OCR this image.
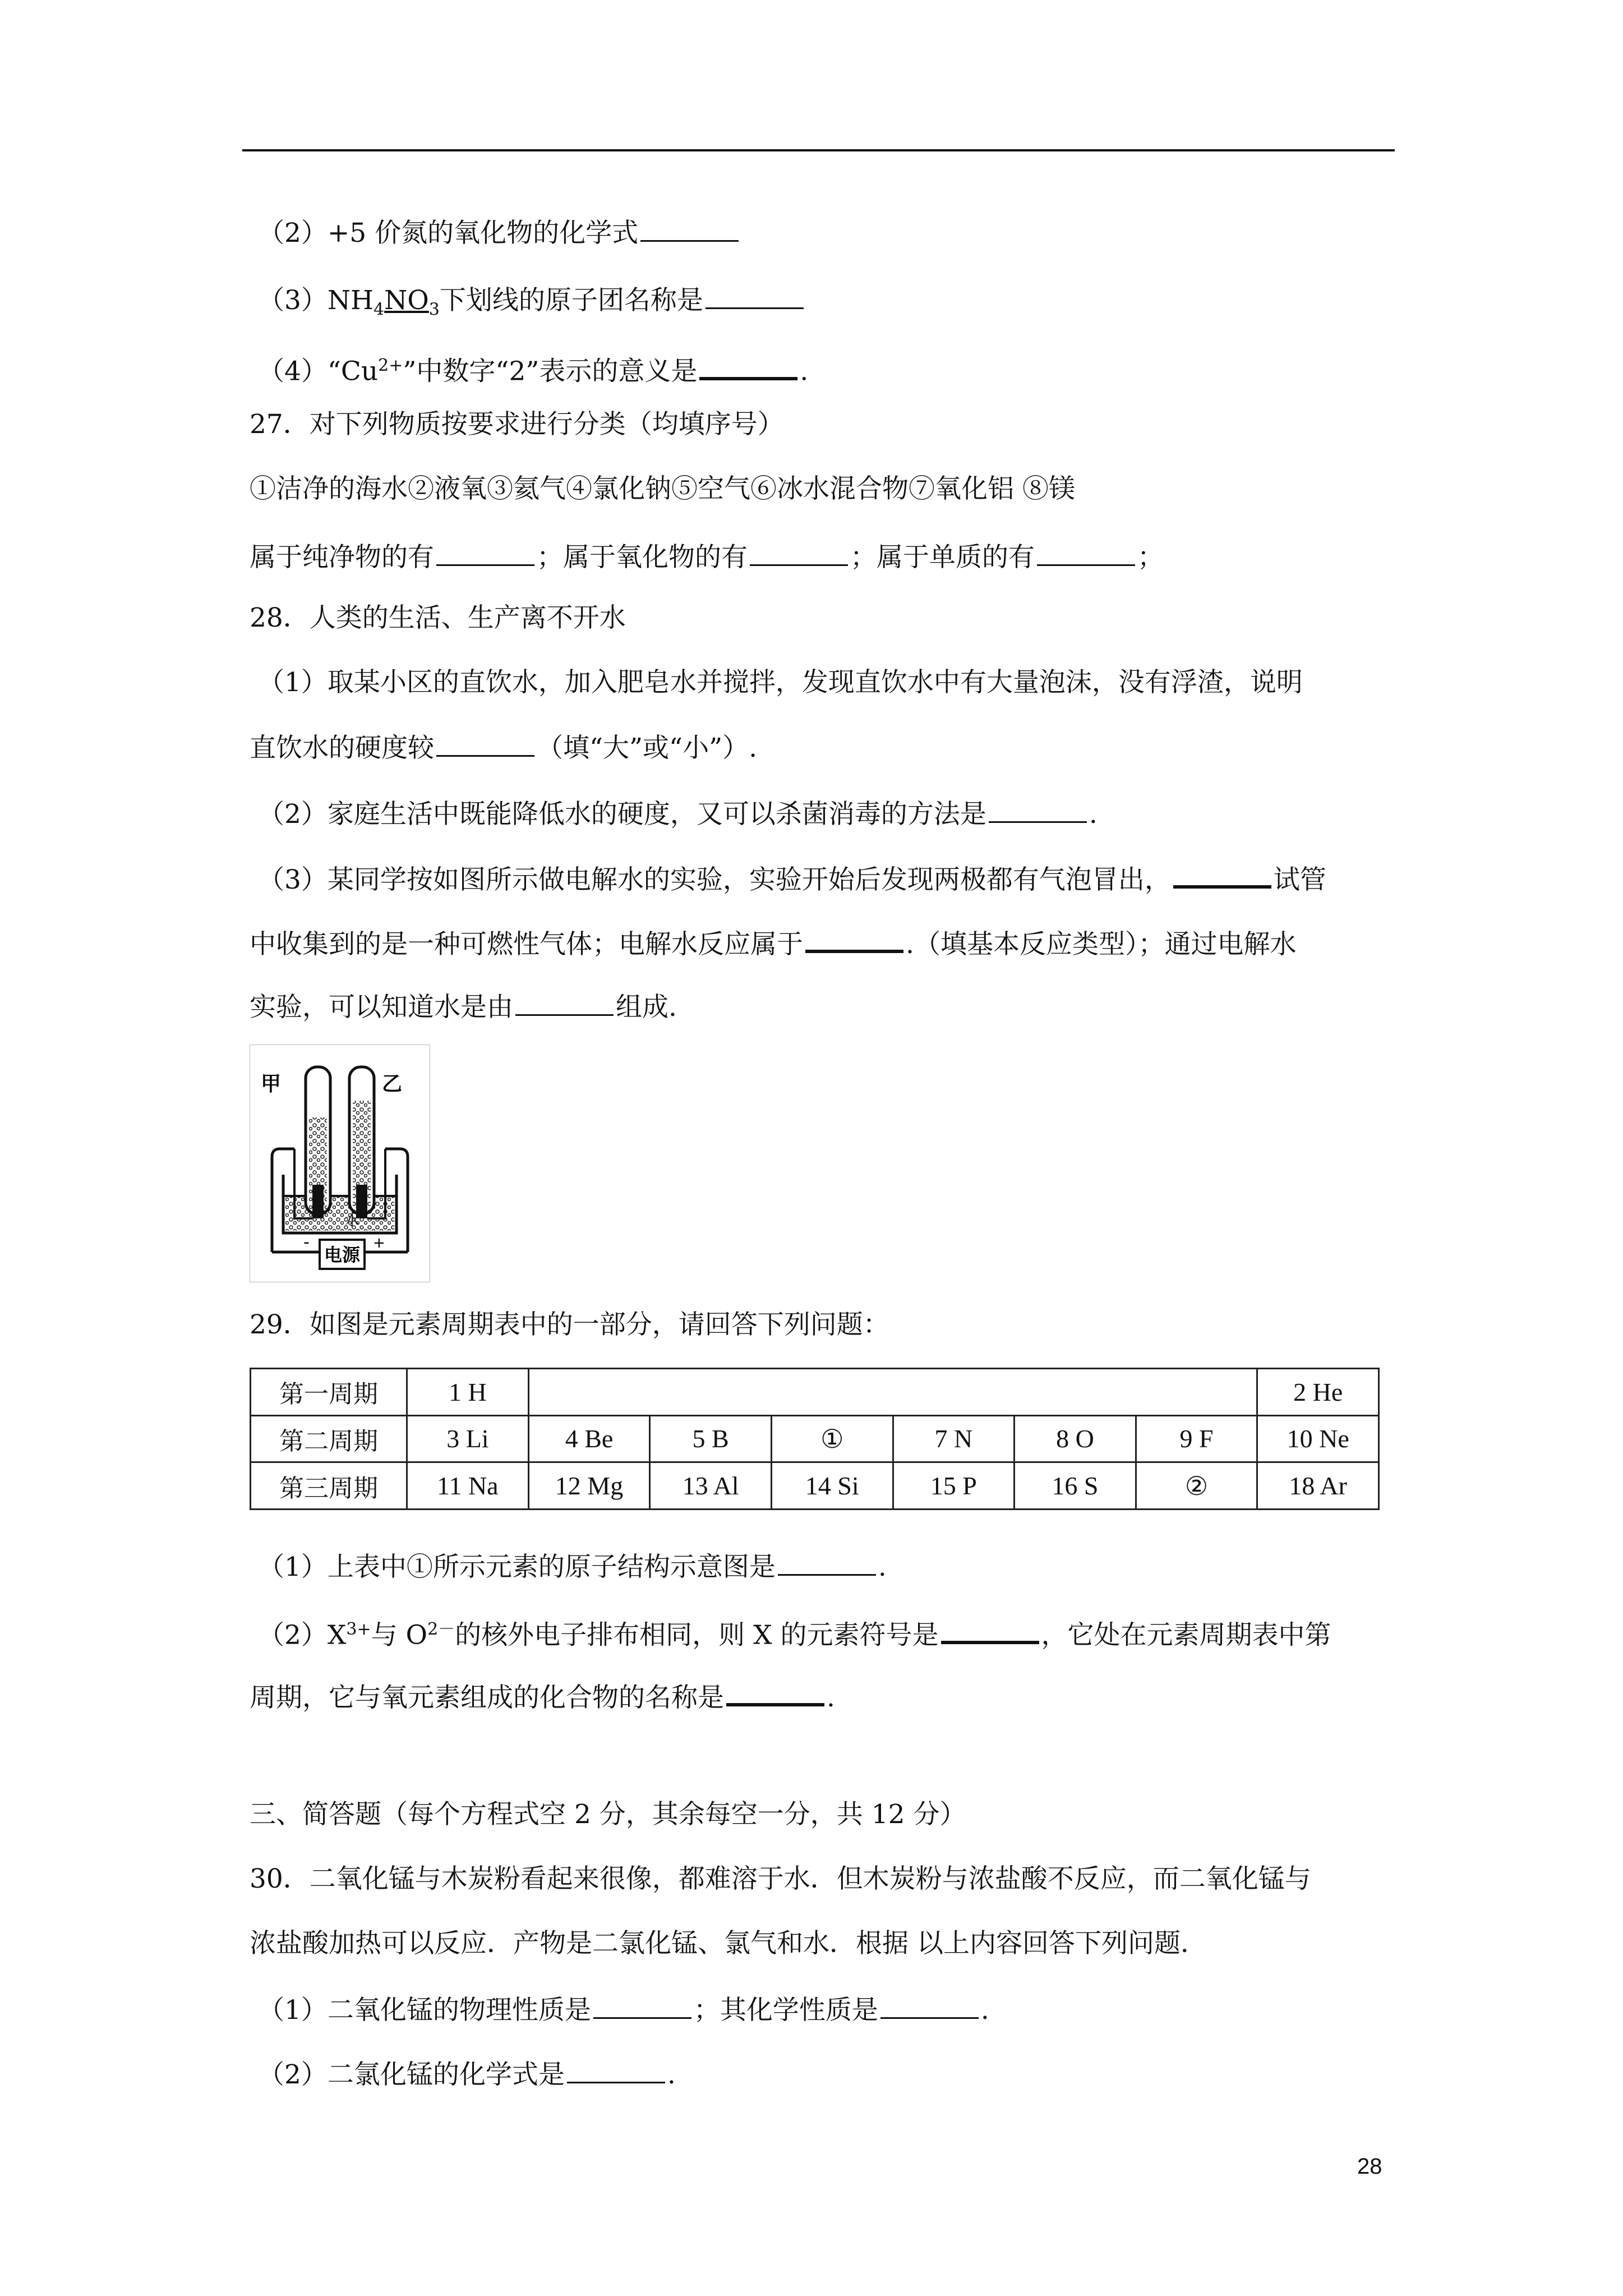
（2）+5 价氮的氧化物的化学式
$(3)NH_4NO_3$下划线的原子团名称是
$(4)“Cu^{2+}$”中数字“2”表示的意义是	.
27．对下列物质按要求进行分类（均填序号）
①洁净的海水②液氧③氦气④氯化钠⑤空气⑥冰水混合物⑦氧化铝 ⑧镁
属于纯净物的有	；属于氧化物的有	；属于单质的有	；
28．人类的生活、生产离不开水
（1）取某小区的直饮水，加入肥皂水并搅拌，发现直饮水中有大量泡沫，没有浮渣，说明
直饮水的硬度较	（填“大”或“小”）.
（2）家庭生活中既能降低水的硬度，又可以杀菌消毒的方法是	.
（3）某同学按如图所示做电解水的实验，实验开始后发现两极都有气泡冒出，	试管
中收集到的是一种可燃性气体；电解水反应属于	.（填基本反应类型）；通过电解水
实验，可以知道水是由	组成.
电源
-	+
水
甲	乙
29．如图是元素周期表中的一部分，请回答下列问题：
第一周期	1 H							2 He
第二周期	3 Li	4 Be	5 B	①	7 N	8 O	9 F	10 Ne
第三周期	11 Na	12 Mg	13 Al	14 Si	15 P	16 S	②	18 Ar
（1）上表中①所示元素的原子结构示意图是	.
$(2)X^{3+}$与 $O^{2-}$的核外电子排布相同，则 X 的元素符号是	，它处在元素周期表中第
周期，它与氧元素组成的化合物的名称是	.
三、简答题（每个方程式空 2 分，其余每空一分，共 12 分）
30．二氧化锰与木炭粉看起来很像，都难溶于水．但木炭粉与浓盐酸不反应，而二氧化锰与
浓盐酸加热可以反应．产物是二氯化锰、氯气和水．根据 以上内容回答下列问题．
（1）二氧化锰的物理性质是	；其化学性质是	.
（2）二氯化锰的化学式是	.
28
